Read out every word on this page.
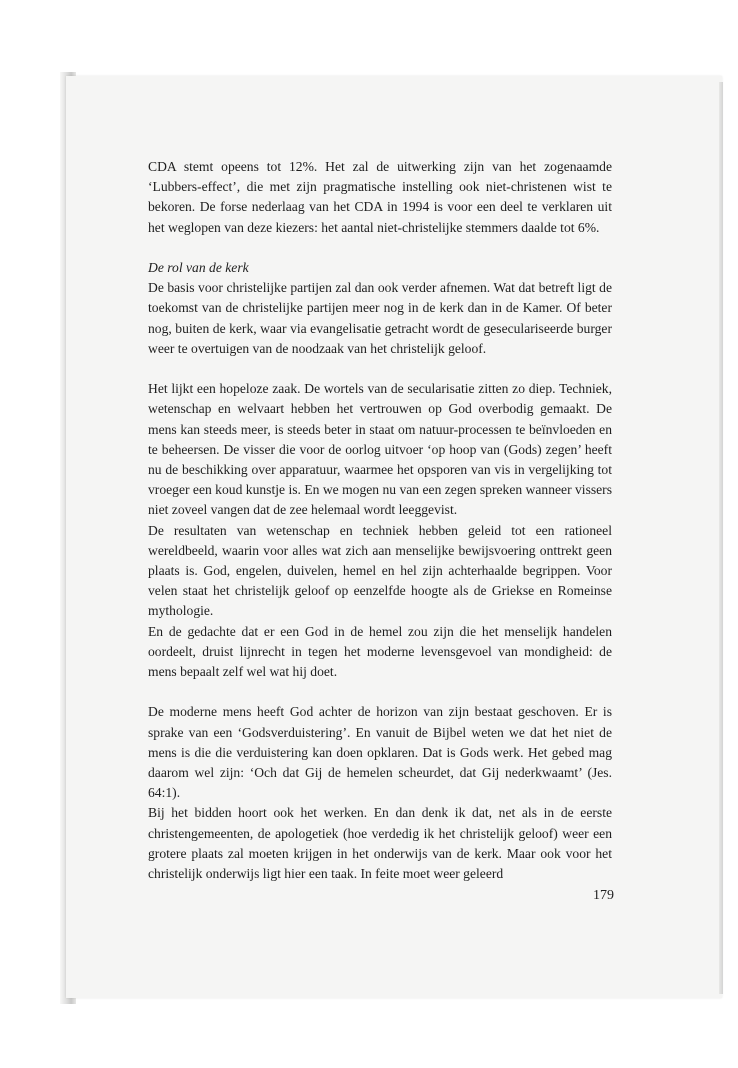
CDA stemt opeens tot 12%. Het zal de uitwerking zijn van het zogenaamde ‘Lubbers-effect’, die met zijn pragmatische instelling ook niet-christenen wist te bekoren. De forse nederlaag van het CDA in 1994 is voor een deel te verklaren uit het weglopen van deze kiezers: het aantal niet-christelijke stemmers daalde tot 6%.

De rol van de kerk

De basis voor christelijke partijen zal dan ook verder afnemen. Wat dat betreft ligt de toekomst van de christelijke partijen meer nog in de kerk dan in de Kamer. Of beter nog, buiten de kerk, waar via evangelisatie getracht wordt de geseculariseerde burger weer te overtuigen van de noodzaak van het christelijk geloof.

Het lijkt een hopeloze zaak. De wortels van de secularisatie zitten zo diep. Techniek, wetenschap en welvaart hebben het vertrouwen op God overbodig gemaakt. De mens kan steeds meer, is steeds beter in staat om natuur-processen te beïnvloeden en te beheersen. De visser die voor de oorlog uitvoer ‘op hoop van (Gods) zegen’ heeft nu de beschikking over apparatuur, waarmee het opsporen van vis in vergelijking tot vroeger een koud kunstje is. En we mogen nu van een zegen spreken wanneer vissers niet zoveel vangen dat de zee helemaal wordt leeggevist.

De resultaten van wetenschap en techniek hebben geleid tot een rationeel wereldbeeld, waarin voor alles wat zich aan menselijke bewijsvoering onttrekt geen plaats is. God, engelen, duivelen, hemel en hel zijn achterhaalde begrippen. Voor velen staat het christelijk geloof op eenzelfde hoogte als de Griekse en Romeinse mythologie.

En de gedachte dat er een God in de hemel zou zijn die het menselijk handelen oordeelt, druist lijnrecht in tegen het moderne levensgevoel van mondigheid: de mens bepaalt zelf wel wat hij doet.

De moderne mens heeft God achter de horizon van zijn bestaat geschoven. Er is sprake van een ‘Godsverduistering’. En vanuit de Bijbel weten we dat het niet de mens is die die verduistering kan doen opklaren. Dat is Gods werk. Het gebed mag daarom wel zijn: ‘Och dat Gij de hemelen scheurdet, dat Gij nederkwaamt’ (Jes. 64:1).

Bij het bidden hoort ook het werken. En dan denk ik dat, net als in de eerste christengemeenten, de apologetiek (hoe verdedig ik het christelijk geloof) weer een grotere plaats zal moeten krijgen in het onderwijs van de kerk. Maar ook voor het christelijk onderwijs ligt hier een taak. In feite moet weer geleerd

179
